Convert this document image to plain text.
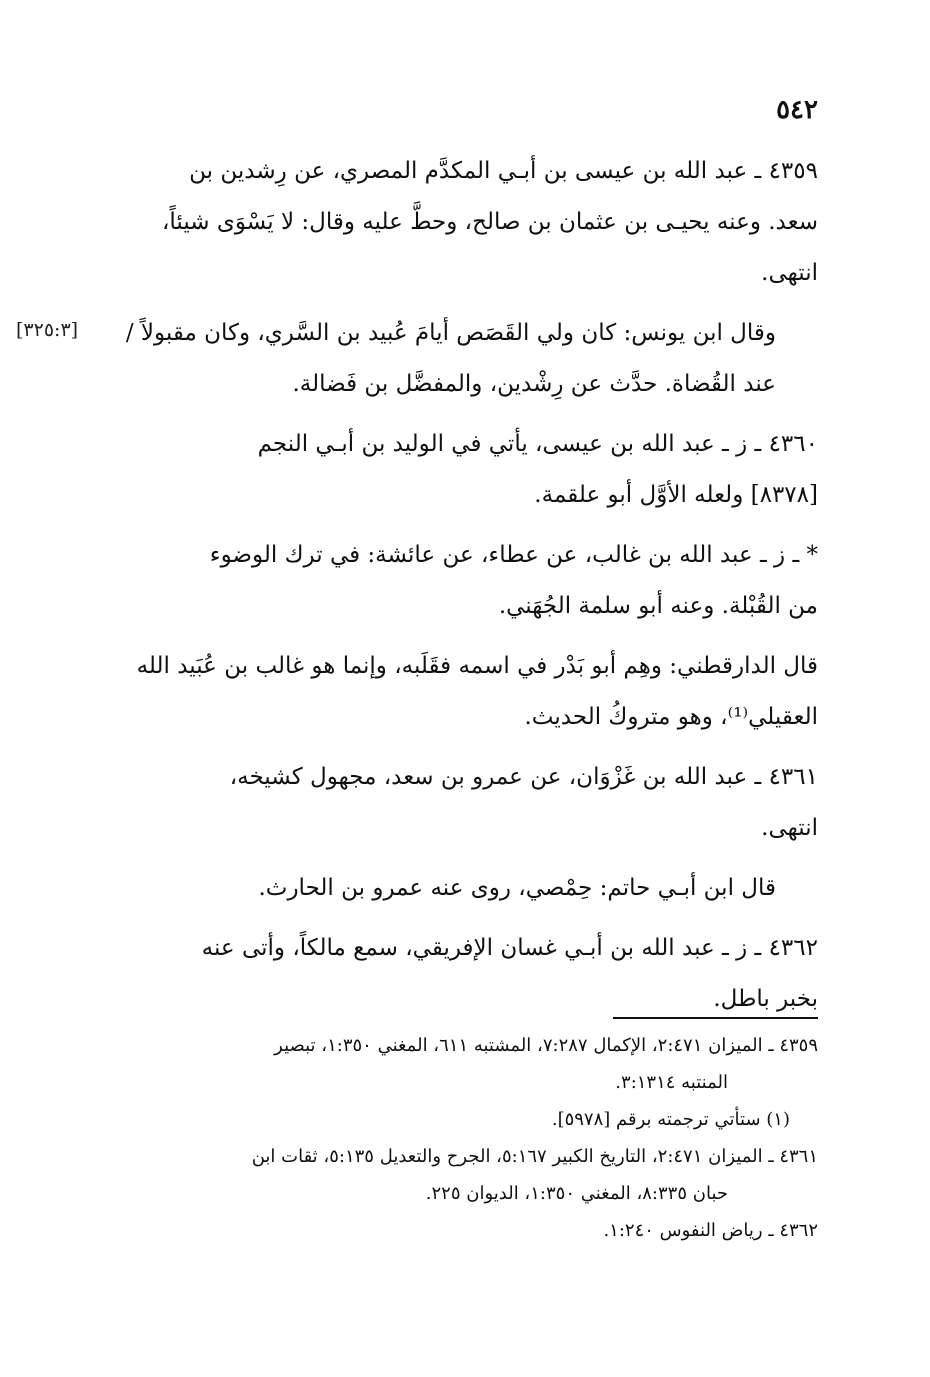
٥٤٢

٤٣٥٩ ـ عبد الله بن عيسى بن أبـي المكدَّم المصري، عن رِشدين بن

سعد. وعنه يحيـى بن عثمان بن صالح، وحطَّ عليه وقال: لا يَسْوَى شيئاً،

انتهى.

[٣٢٥:٣]	وقال ابن يونس: كان ولي القَصَص أيامَ عُبيد بن السَّري، وكان مقبولاً /

عند القُضاة. حدَّث عن رِشْدين، والمفضَّل بن فَضالة.

٤٣٦٠ ـ ز ـ عبد الله بن عيسى، يأتي في الوليد بن أبـي النجم

[٨٣٧٨] ولعله الأوَّل أبو علقمة.

* ـ ز ـ عبد الله بن غالب، عن عطاء، عن عائشة: في ترك الوضوء

من القُبْلة. وعنه أبو سلمة الجُهَني.

قال الدارقطني: وهِم أبو بَدْر في اسمه فقَلَبه، وإنما هو غالب بن عُبَيد الله

العقيلي⁽¹⁾، وهو متروكُ الحديث.

٤٣٦١ ـ عبد الله بن غَزْوَان، عن عمرو بن سعد، مجهول كشيخه،

انتهى.

قال ابن أبـي حاتم: حِمْصي، روى عنه عمرو بن الحارث.

٤٣٦٢ ـ ز ـ عبد الله بن أبـي غسان الإفريقي، سمع مالكاً، وأتى عنه

بخبر باطل.

٤٣٥٩ ـ الميزان ٢:٤٧١، الإكمال ٧:٢٨٧، المشتبه ٦١١، المغني ١:٣٥٠، تبصير

المنتبه ٣:١٣١٤.

(١) ستأتي ترجمته برقم [٥٩٧٨].

٤٣٦١ ـ الميزان ٢:٤٧١، التاريخ الكبير ٥:١٦٧، الجرح والتعديل ٥:١٣٥، ثقات ابن

حبان ٨:٣٣٥، المغني ١:٣٥٠، الديوان ٢٢٥.

٤٣٦٢ ـ رياض النفوس ١:٢٤٠.
